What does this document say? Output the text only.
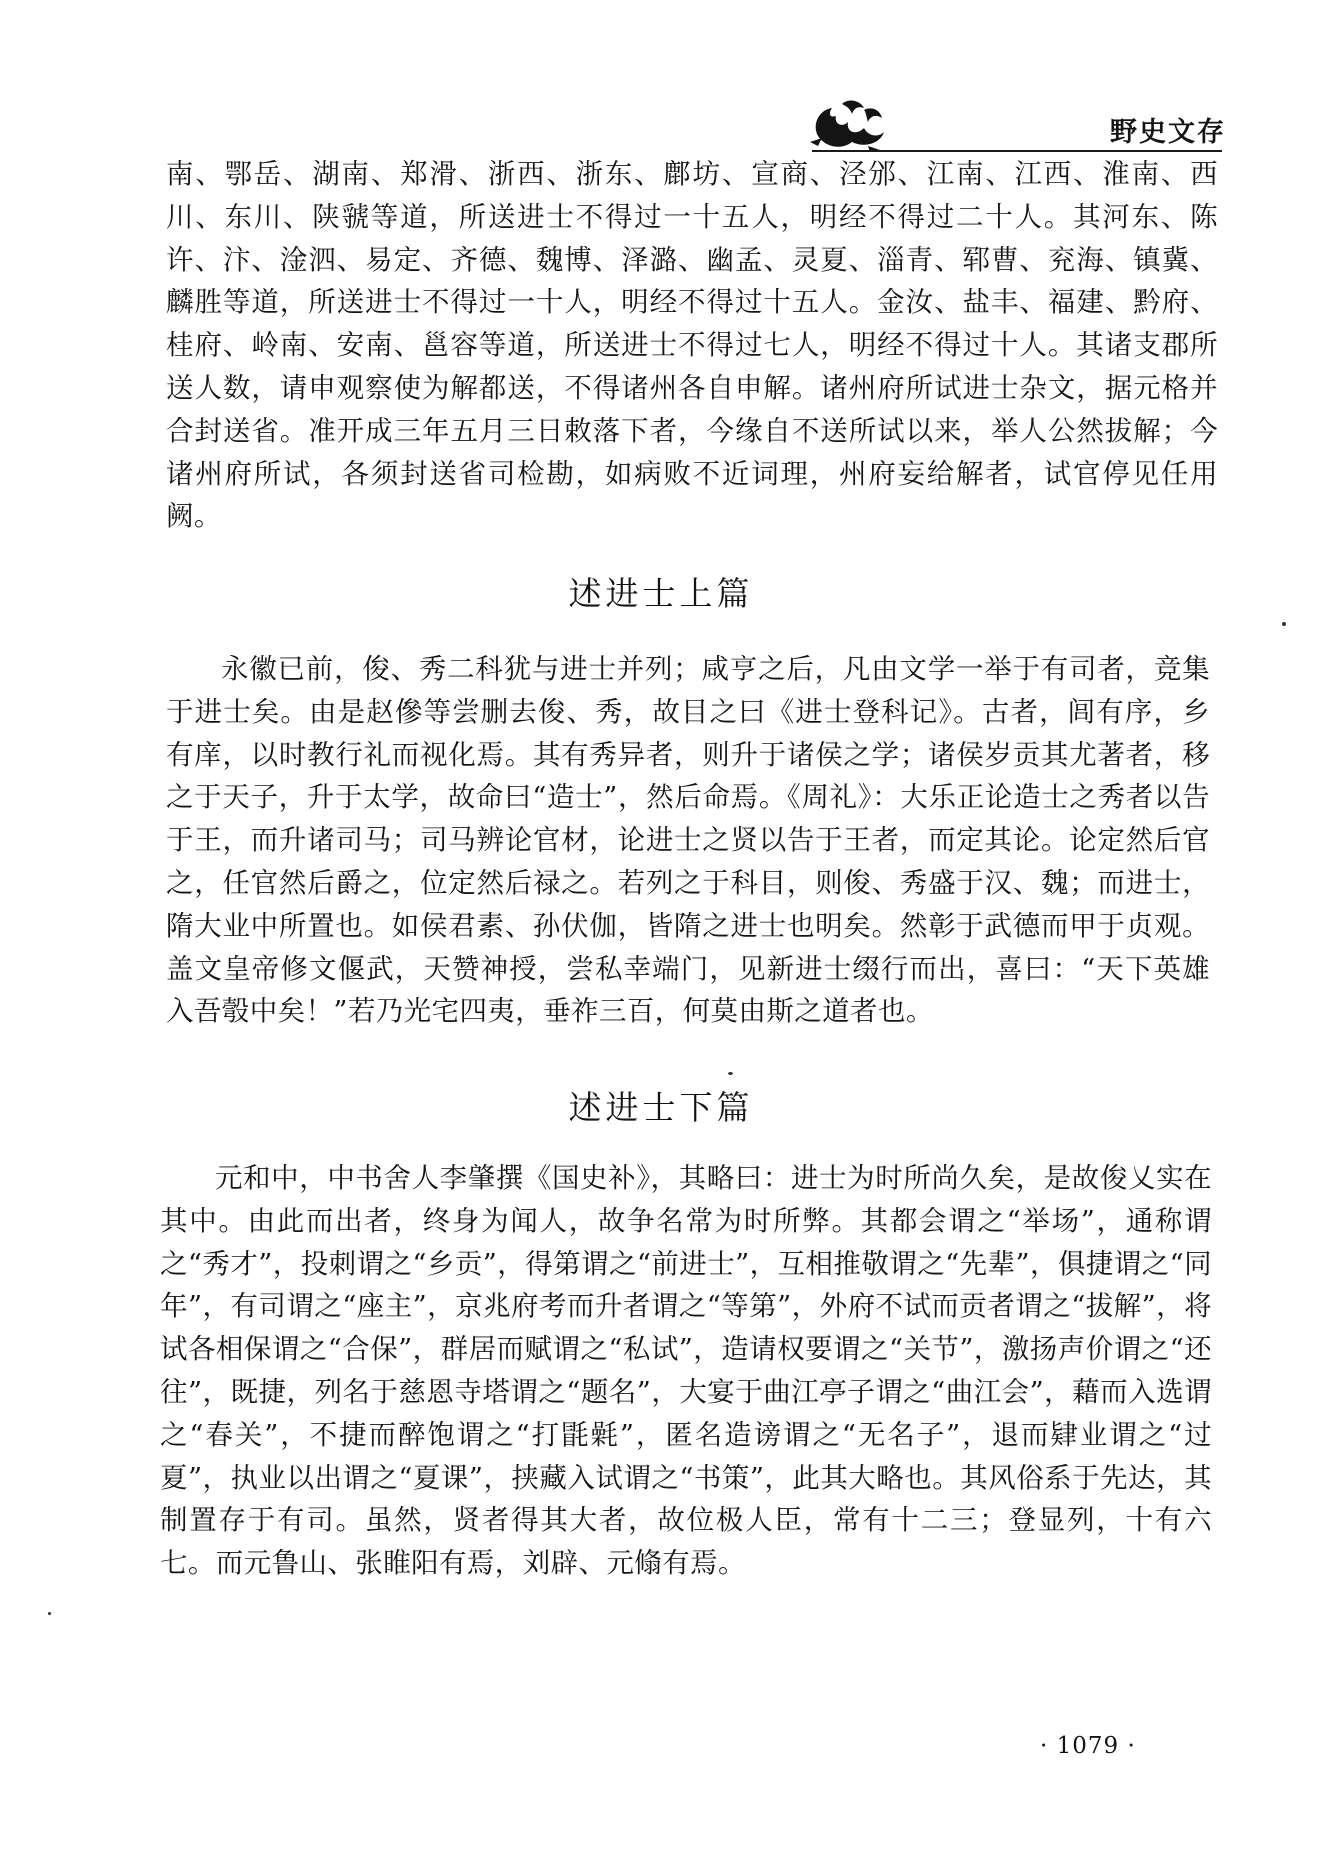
野史文存

南、鄂岳、湖南、郑滑、浙西、浙东、鄜坊、宣商、泾邠、江南、江西、淮南、西川、东川、陕虢等道，所送进士不得过一十五人，明经不得过二十人。其河东、陈许、汴、淦泗、易定、齐德、魏博、泽潞、幽孟、灵夏、淄青、郓曹、兖海、镇冀、麟胜等道，所送进士不得过一十人，明经不得过十五人。金汝、盐丰、福建、黔府、桂府、岭南、安南、邕容等道，所送进士不得过七人，明经不得过十人。其诸支郡所送人数，请申观察使为解都送，不得诸州各自申解。诸州府所试进士杂文，据元格并合封送省。准开成三年五月三日敕落下者，今缘自不送所试以来，举人公然拔解；今诸州府所试，各须封送省司检勘，如病败不近词理，州府妄给解者，试官停见任用阙。

述进士上篇

永徽已前，俊、秀二科犹与进士并列；咸亨之后，凡由文学一举于有司者，竞集于进士矣。由是赵傪等尝删去俊、秀，故目之曰《进士登科记》。古者，闾有序，乡有庠，以时教行礼而视化焉。其有秀异者，则升于诸侯之学；诸侯岁贡其尤著者，移之于天子，升于太学，故命曰“造士”，然后命焉。《周礼》：大乐正论造士之秀者以告于王，而升诸司马；司马辨论官材，论进士之贤以告于王者，而定其论。论定然后官之，任官然后爵之，位定然后禄之。若列之于科目，则俊、秀盛于汉、魏；而进士，隋大业中所置也。如侯君素、孙伏伽，皆隋之进士也明矣。然彰于武德而甲于贞观。盖文皇帝修文偃武，天赞神授，尝私幸端门，见新进士缀行而出，喜曰：“天下英雄入吾彀中矣！”若乃光宅四夷，垂祚三百，何莫由斯之道者也。

述进士下篇

元和中，中书舍人李肇撰《国史补》，其略曰：进士为时所尚久矣，是故俊乂实在其中。由此而出者，终身为闻人，故争名常为时所弊。其都会谓之“举场”，通称谓之“秀才”，投刺谓之“乡贡”，得第谓之“前进士”，互相推敬谓之“先辈”，俱捷谓之“同年”，有司谓之“座主”，京兆府考而升者谓之“等第”，外府不试而贡者谓之“拔解”，将试各相保谓之“合保”，群居而赋谓之“私试”，造请权要谓之“关节”，激扬声价谓之“还往”，既捷，列名于慈恩寺塔谓之“题名”，大宴于曲江亭子谓之“曲江会”，藉而入选谓之“春关”，不捷而醉饱谓之“打毷氉”，匿名造谤谓之“无名子”，退而肄业谓之“过夏”，执业以出谓之“夏课”，挟藏入试谓之“书策”，此其大略也。其风俗系于先达，其制置存于有司。虽然，贤者得其大者，故位极人臣，常有十二三；登显列，十有六七。而元鲁山、张睢阳有焉，刘辟、元翛有焉。

· 1079 ·
